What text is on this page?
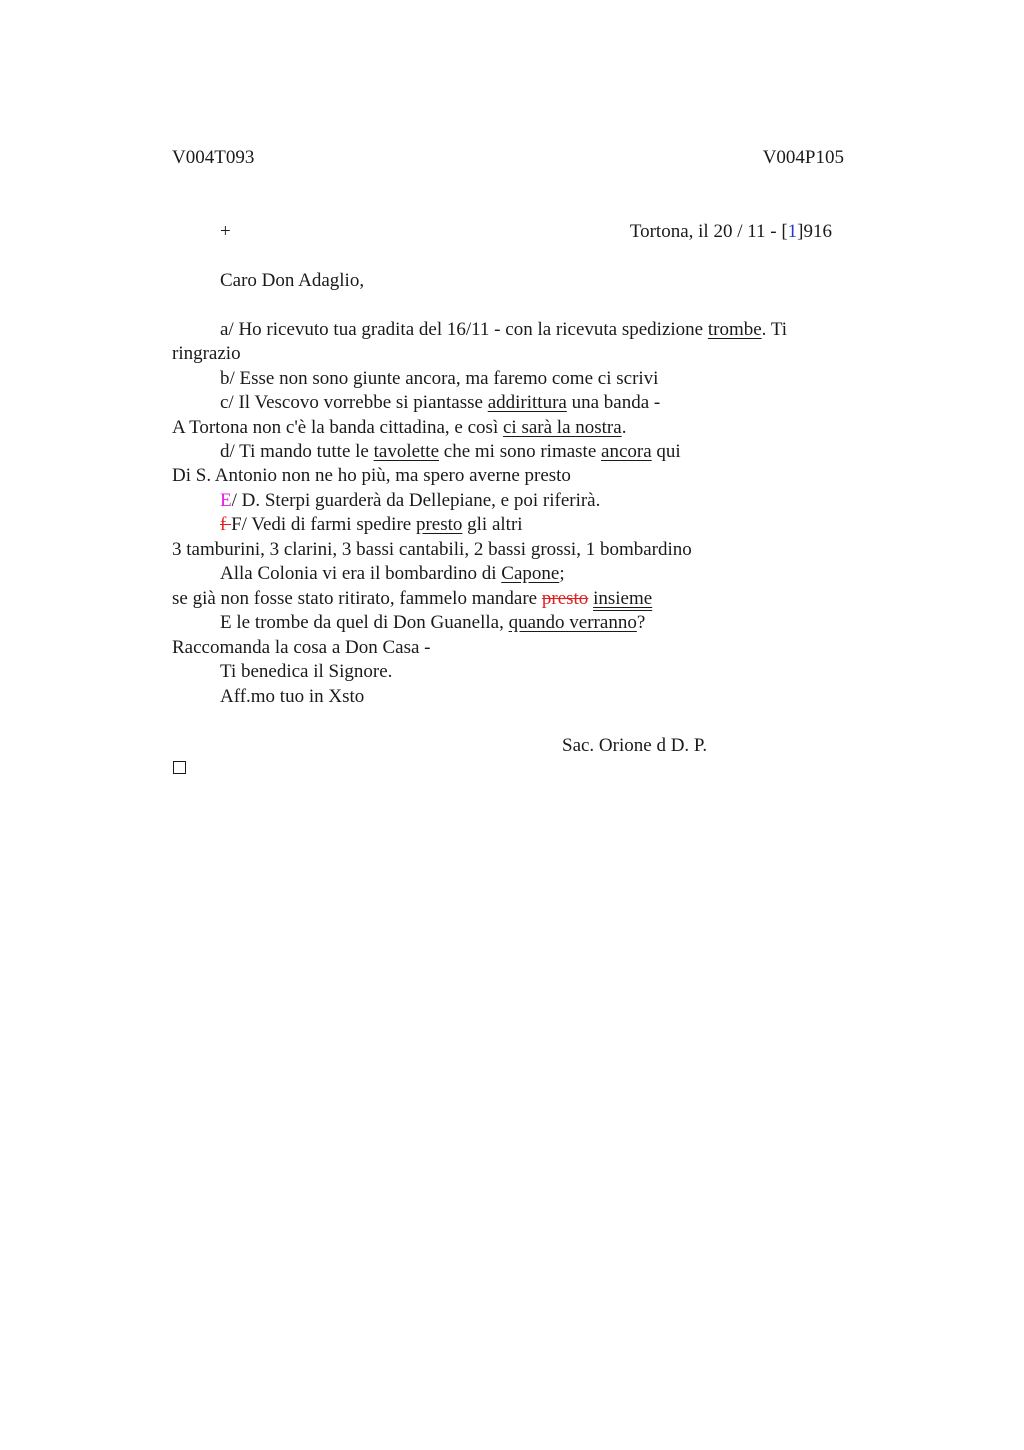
V004T093	V004P105
+	Tortona, il 20 / 11 - [1]916
Caro Don Adaglio,
a/ Ho ricevuto tua gradita del 16/11 - con la ricevuta spedizione trombe. Ti
ringrazio
b/ Esse non sono giunte ancora, ma faremo come ci scrivi
c/ Il Vescovo vorrebbe si piantasse addirittura una banda -
A Tortona non c'è la banda cittadina, e così ci sarà la nostra.
d/ Ti mando tutte le tavolette che mi sono rimaste ancora qui
Di S. Antonio non ne ho più, ma spero averne presto
E/ D. Sterpi guarderà da Dellepiane, e poi riferirà.
f F/ Vedi di farmi spedire presto gli altri
3 tamburini, 3 clarini, 3 bassi cantabili, 2 bassi grossi, 1 bombardino
Alla Colonia vi era il bombardino di Capone;
se già non fosse stato ritirato, fammelo mandare presto insieme
E le trombe da quel di Don Guanella, quando verranno?
Raccomanda la cosa a Don Casa -
Ti benedica il Signore.
Aff.mo tuo in Xsto
Sac. Orione d D. P.
